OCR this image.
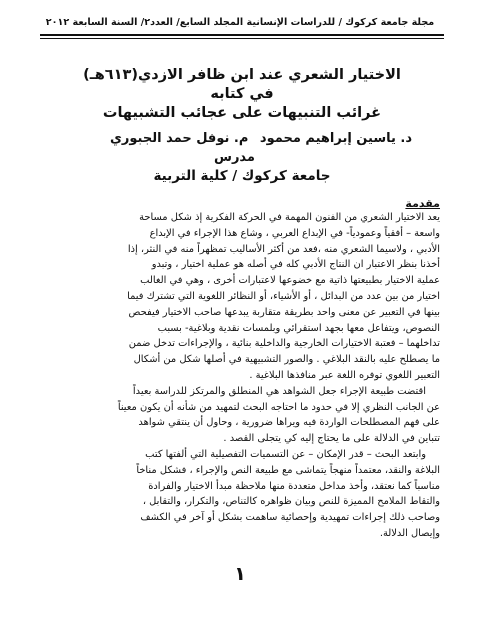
مجلة جامعة كركوك / للدراسات الإنسانية المجلد السابع/ العدد٢/ السنة السابعة ٢٠١٢
الاختيار الشعري عند ابن ظافر الازدي(٦١٣هـ)
في كتابه
غرائب التنبيهات على عجائب التشبيهات
د. ياسين إبراهيم محمود
م. نوفل حمد الجبوري
مدرس
جامعة كركوك / كلية التربية
مقدمة
يعد الاختيار الشعري من الفنون المهمة في الحركة الفكرية إذ شكل مساحة
واسعة – أفقياً وعمودياً- في الإبداع العربي ، وشاع هذا الإجراء في الإبداع
الأدبي ، ولاسيما الشعري منه ،فعد من أكثر الأساليب تمظهراً منه في النثر، إذا
أخذنا بنظر الاعتبار ان النتاج الأدبي كله في أصله هو عملية اختيار ، وتبدو
عملية الاختيار بطبيعتها ذاتية مع خضوعها لاعتبارات أخرى ، وهي في الغالب
اختيار من بين عدد من البدائل ، أو الأشياء، أو النظائر اللغوية التي تشترك فيما
بينها في التعبير عن معنى واحد بطريقة متقاربة يبدعها صاحب الاختيار فيفحص
النصوص، ويتفاعل معها بجهد استقرائي وبلمسات نقدية وبلاغية- بسبب
تداخلهما – فعتبة الاختيارات الخارجية والداخلية بنائية ، والإجراءات تدخل ضمن
ما يصطلح عليه بالنقد البلاغي . والصور التشبيهية في أصلها شكل من أشكال
التعبير اللغوي توفره اللغة عبر منافذها البلاغية .
اقتضت طبيعة الإجراء جعل الشواهد هي المنطلق والمرتكز للدراسة بعيداً
عن الجانب النظري إلا في حدود ما احتاجه البحث لتمهيد من شأنه أن يكون معيناً
على فهم المصطلحات الواردة فيه ويراها ضرورية ، وحاول أن ينتقي شواهد
تتباين في الدلالة على ما يحتاج إليه كي يتجلى القصد .
وابتعد البحث – قدر الإمكان – عن التسميات التفصيلية التي ألفتها كتب
البلاغة والنقد، معتمداً منهجاً يتماشى مع طبيعة النص والإجراء ، فشكل مناخاً
مناسباً كما نعتقد، وأخذ مداخل متعددة منها ملاحظة مبدأ الاختيار والفرادة
والتقاط الملامح المميزة للنص وبيان ظواهره كالتناص، والتكرار، والتقابل ،
وصاحب ذلك إجراءات تمهيدية وإحصائية ساهمت بشكل أو آخر في الكشف
وإيصال الدلالة.
١
